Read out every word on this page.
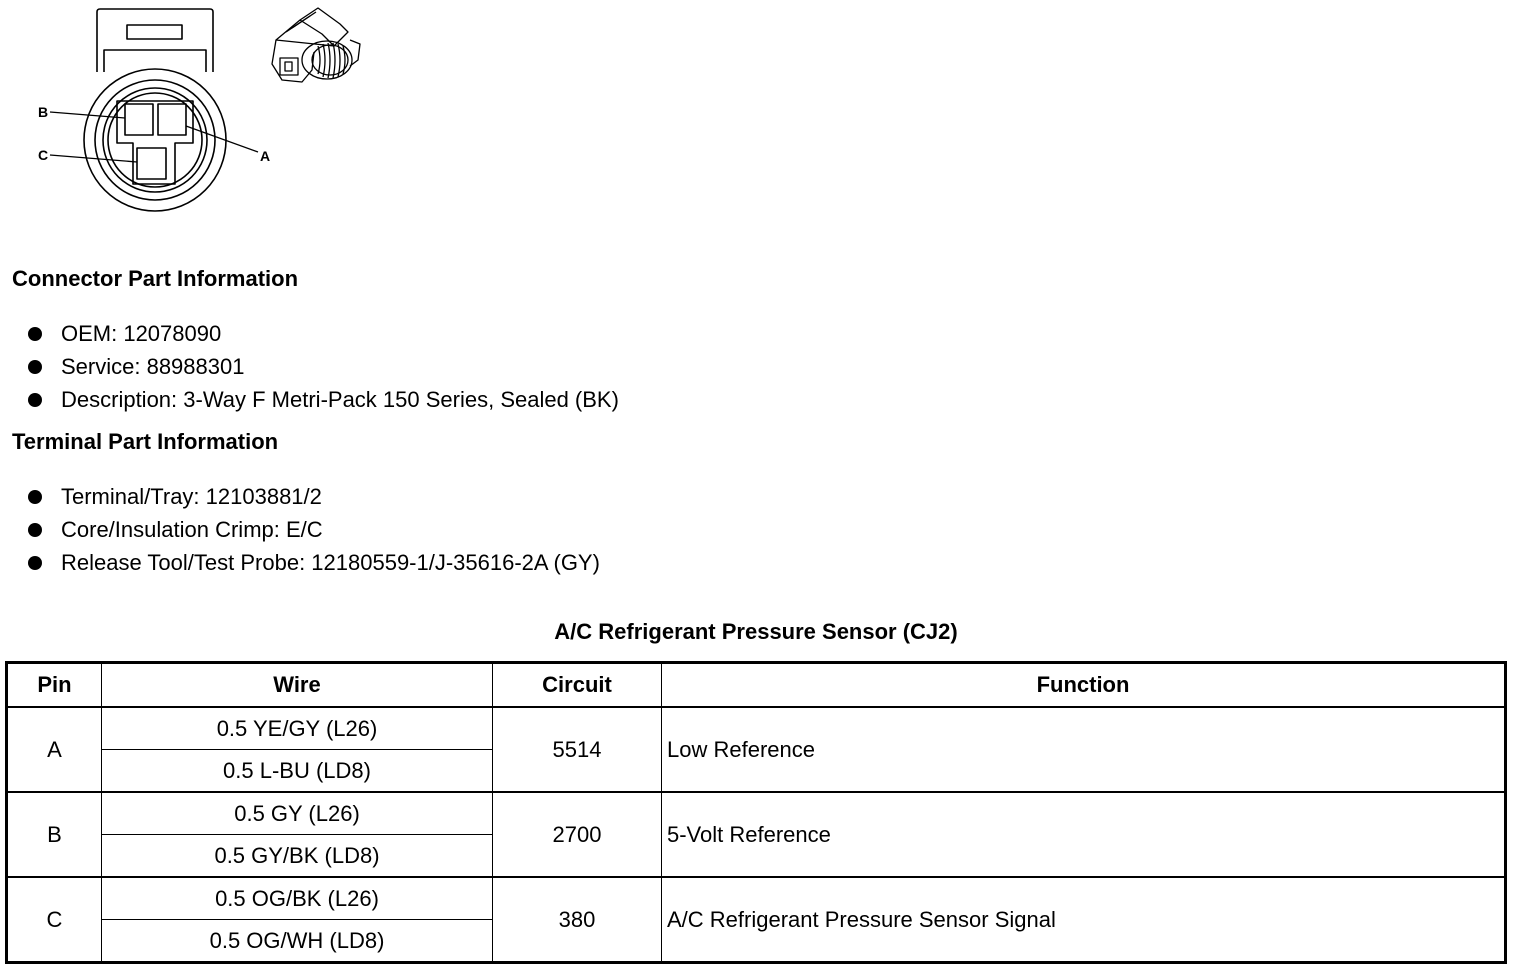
B
C	A
Connector Part Information
OEM: 12078090
Service: 88988301
Description: 3-Way F Metri-Pack 150 Series, Sealed (BK)
Terminal Part Information
Terminal/Tray: 12103881/2
Core/Insulation Crimp: E/C
Release Tool/Test Probe: 12180559-1/J-35616-2A (GY)
A/C Refrigerant Pressure Sensor (CJ2)
Pin	Wire	Circuit	Function
A	0.5 YE/GY (L26)	5514	Low Reference
	0.5 L-BU (LD8)		
B	0.5 GY (L26)	2700	5-Volt Reference
	0.5 GY/BK (LD8)		
C	0.5 OG/BK (L26)	380	A/C Refrigerant Pressure Sensor Signal
	0.5 OG/WH (LD8)		
